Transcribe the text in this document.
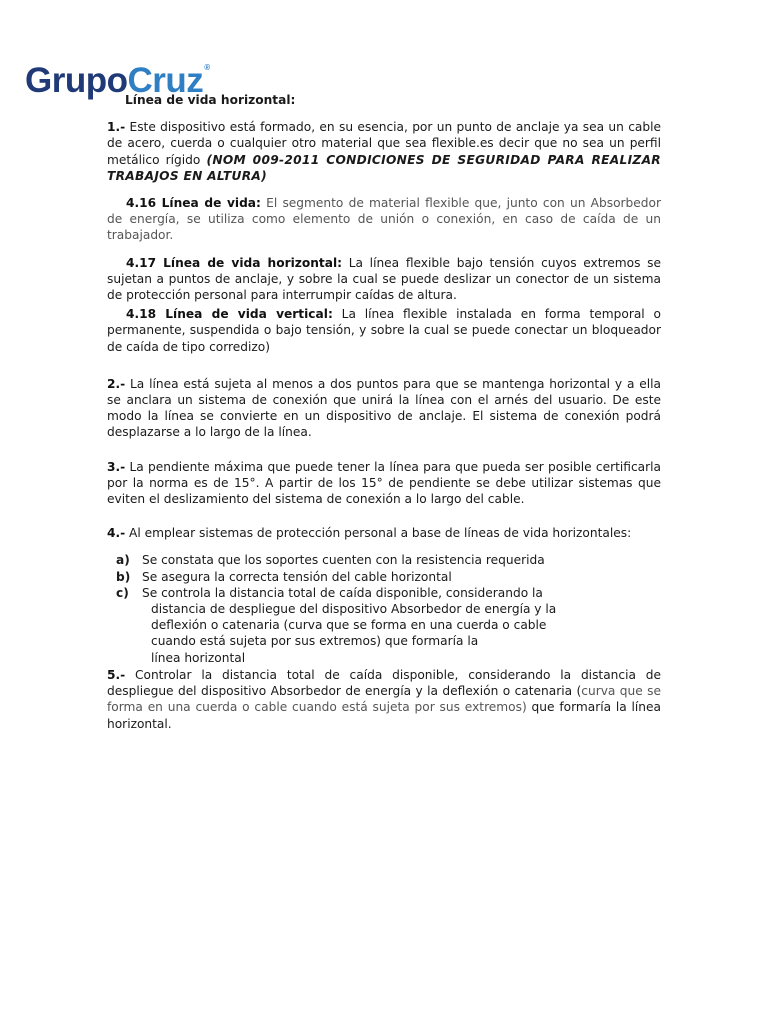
GrupoCruz®

Línea de vida horizontal:

1.- Este dispositivo está formado, en su esencia, por un punto de anclaje ya sea un cable de acero, cuerda o cualquier otro material que sea flexible.es decir que no sea un perfil metálico rígido (NOM 009-2011 CONDICIONES DE SEGURIDAD PARA REALIZAR TRABAJOS EN ALTURA)

4.16 Línea de vida: El segmento de material flexible que, junto con un Absorbedor de energía, se utiliza como elemento de unión o conexión, en caso de caída de un trabajador.

4.17 Línea de vida horizontal: La línea flexible bajo tensión cuyos extremos se sujetan a puntos de anclaje, y sobre la cual se puede deslizar un conector de un sistema de protección personal para interrumpir caídas de altura.

4.18 Línea de vida vertical: La línea flexible instalada en forma temporal o permanente, suspendida o bajo tensión, y sobre la cual se puede conectar un bloqueador de caída de tipo corredizo)

2.- La línea está sujeta al menos a dos puntos para que se mantenga horizontal y a ella se anclara un sistema de conexión que unirá la línea con el arnés del usuario. De este modo la línea se convierte en un dispositivo de anclaje. El sistema de conexión podrá desplazarse a lo largo de la línea.

3.- La pendiente máxima que puede tener la línea para que pueda ser posible certificarla por la norma es de 15°. A partir de los 15° de pendiente se debe utilizar sistemas que eviten el deslizamiento del sistema de conexión a lo largo del cable.

4.- Al emplear sistemas de protección personal a base de líneas de vida horizontales:

a)	Se constata que los soportes cuenten con la resistencia requerida
b) Se asegura la correcta tensión del cable horizontal
c)	Se controla la distancia total de caída disponible, considerando la
distancia de despliegue del dispositivo Absorbedor de energía y la
deflexión o catenaria (curva que se forma en una cuerda o cable
cuando está sujeta por sus extremos) que formaría la
línea horizontal

5.- Controlar la distancia total de caída disponible, considerando la distancia de despliegue del dispositivo Absorbedor de energía y la deflexión o catenaria (curva que se forma en una cuerda o cable cuando está sujeta por sus extremos) que formaría la línea horizontal.
